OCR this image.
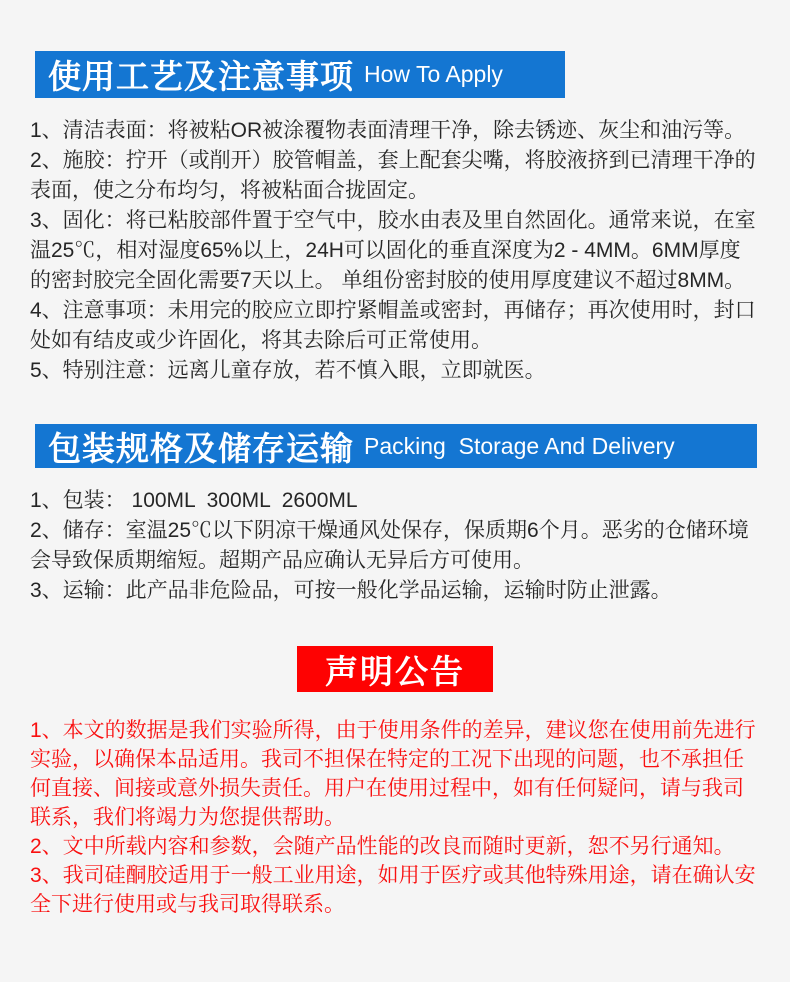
使用工艺及注意事项 How To Apply

1、清洁表面：将被粘OR被涂覆物表面清理干净，除去锈迹、灰尘和油污等。

2、施胶：拧开（或削开）胶管帽盖，套上配套尖嘴，将胶液挤到已清理干净的表面，使之分布均匀，将被粘面合拢固定。

3、固化：将已粘胶部件置于空气中，胶水由表及里自然固化。通常来说，在室温25℃，相对湿度65%以上，24H可以固化的垂直深度为2 - 4MM。6MM厚度的密封胶完全固化需要7天以上。 单组份密封胶的使用厚度建议不超过8MM。

4、注意事项：未用完的胶应立即拧紧帽盖或密封，再储存；再次使用时，封口处如有结皮或少许固化，将其去除后可正常使用。

5、特别注意：远离儿童存放，若不慎入眼，立即就医。

包装规格及储存运输 Packing  Storage And Delivery

1、包装： 100ML  300ML  2600ML

2、储存：室温25℃以下阴凉干燥通风处保存，保质期6个月。恶劣的仓储环境会导致保质期缩短。超期产品应确认无异后方可使用。

3、运输：此产品非危险品，可按一般化学品运输，运输时防止泄露。

声明公告

1、本文的数据是我们实验所得，由于使用条件的差异，建议您在使用前先进行实验，以确保本品适用。我司不担保在特定的工况下出现的问题，也不承担任何直接、间接或意外损失责任。用户在使用过程中，如有任何疑问，请与我司联系，我们将竭力为您提供帮助。

2、文中所载内容和参数，会随产品性能的改良而随时更新，恕不另行通知。

3、我司硅酮胶适用于一般工业用途，如用于医疗或其他特殊用途，请在确认安全下进行使用或与我司取得联系。
